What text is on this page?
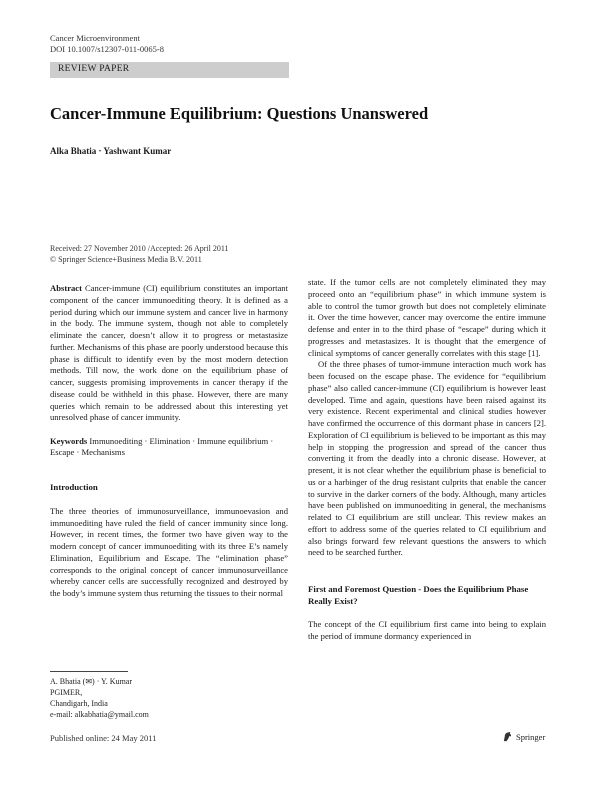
Cancer Microenvironment
DOI 10.1007/s12307-011-0065-8
REVIEW PAPER
Cancer-Immune Equilibrium: Questions Unanswered
Alka Bhatia · Yashwant Kumar
Received: 27 November 2010 /Accepted: 26 April 2011
© Springer Science+Business Media B.V. 2011

Abstract Cancer-immune (CI) equilibrium constitutes an important component of the cancer immunoediting theory. It is defined as a period during which our immune system and cancer live in harmony in the body. The immune system, though not able to completely eliminate the cancer, doesn’t allow it to progress or metastasize further. Mechanisms of this phase are poorly understood because this phase is difficult to identify even by the most modern detection methods. Till now, the work done on the equilibrium phase of cancer, suggests promising improvements in cancer therapy if the disease could be withheld in this phase. However, there are many queries which remain to be addressed about this interesting yet unresolved phase of cancer immunity.

Keywords Immunoediting · Elimination · Immune equilibrium · Escape · Mechanisms

Introduction

The three theories of immunosurveillance, immunoevasion and immunoediting have ruled the field of cancer immunity since long. However, in recent times, the former two have given way to the modern concept of cancer immunoediting with its three E’s namely Elimination, Equilibrium and Escape. The “elimination phase” corresponds to the original concept of cancer immunosurveillance whereby cancer cells are successfully recognized and destroyed by the body’s immune system thus returning the tissues to their normal

state. If the tumor cells are not completely eliminated they may proceed onto an “equilibrium phase” in which immune system is able to control the tumor growth but does not completely eliminate it. Over the time however, cancer may overcome the entire immune defense and enter in to the third phase of “escape” during which it progresses and metastasizes. It is thought that the emergence of clinical symptoms of cancer generally correlates with this stage [1].

Of the three phases of tumor-immune interaction much work has been focused on the escape phase. The evidence for “equilibrium phase” also called cancer-immune (CI) equilibrium is however least developed. Time and again, questions have been raised against its very existence. Recent experimental and clinical studies however have confirmed the occurrence of this dormant phase in cancers [2]. Exploration of CI equilibrium is believed to be important as this may help in stopping the progression and spread of the cancer thus converting it from the deadly into a chronic disease. However, at present, it is not clear whether the equilibrium phase is beneficial to us or a harbinger of the drug resistant culprits that enable the cancer to survive in the darker corners of the body. Although, many articles have been published on immunoediting in general, the mechanisms related to CI equilibrium are still unclear. This review makes an effort to address some of the queries related to CI equilibrium and also brings forward few relevant questions the answers to which need to be searched further.

First and Foremost Question - Does the Equilibrium Phase Really Exist?

The concept of the CI equilibrium first came into being to explain the period of immune dormancy experienced in

A. Bhatia (✉) · Y. Kumar
PGIMER,
Chandigarh, India
e-mail: alkabhatia@ymail.com
Published online: 24 May 2011	Springer
